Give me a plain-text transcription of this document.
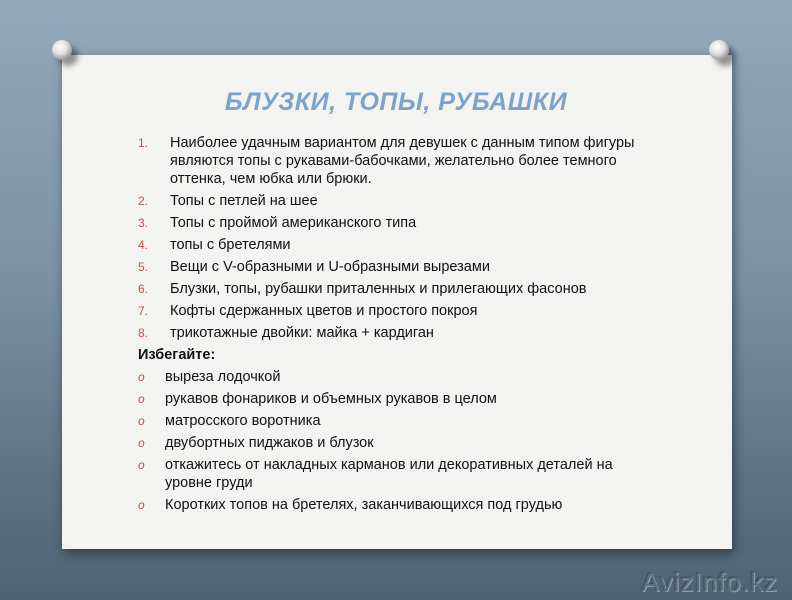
БЛУЗКИ, ТОПЫ, РУБАШКИ
1.	Наиболее удачным вариантом для девушек с данным типом фигуры являются топы с рукавами-бабочками, желательно более темного оттенка, чем юбка или брюки.
2.	Топы с петлей на шее
3.	Топы с проймой американского типа
4.	топы с бретелями
5.	Вещи с V-образными и U-образными вырезами
6.	Блузки, топы, рубашки приталенных и прилегающих фасонов
7.	Кофты сдержанных цветов и простого покроя
8.	трикотажные двойки: майка + кардиган
Избегайте:
o	выреза лодочкой
o	рукавов фонариков и объемных рукавов в целом
o	матросского воротника
o	двубортных пиджаков и блузок
o	откажитесь от накладных карманов или декоративных деталей на уровне груди
o	Коротких топов на бретелях, заканчивающихся под грудью
AvizInfo.kz
